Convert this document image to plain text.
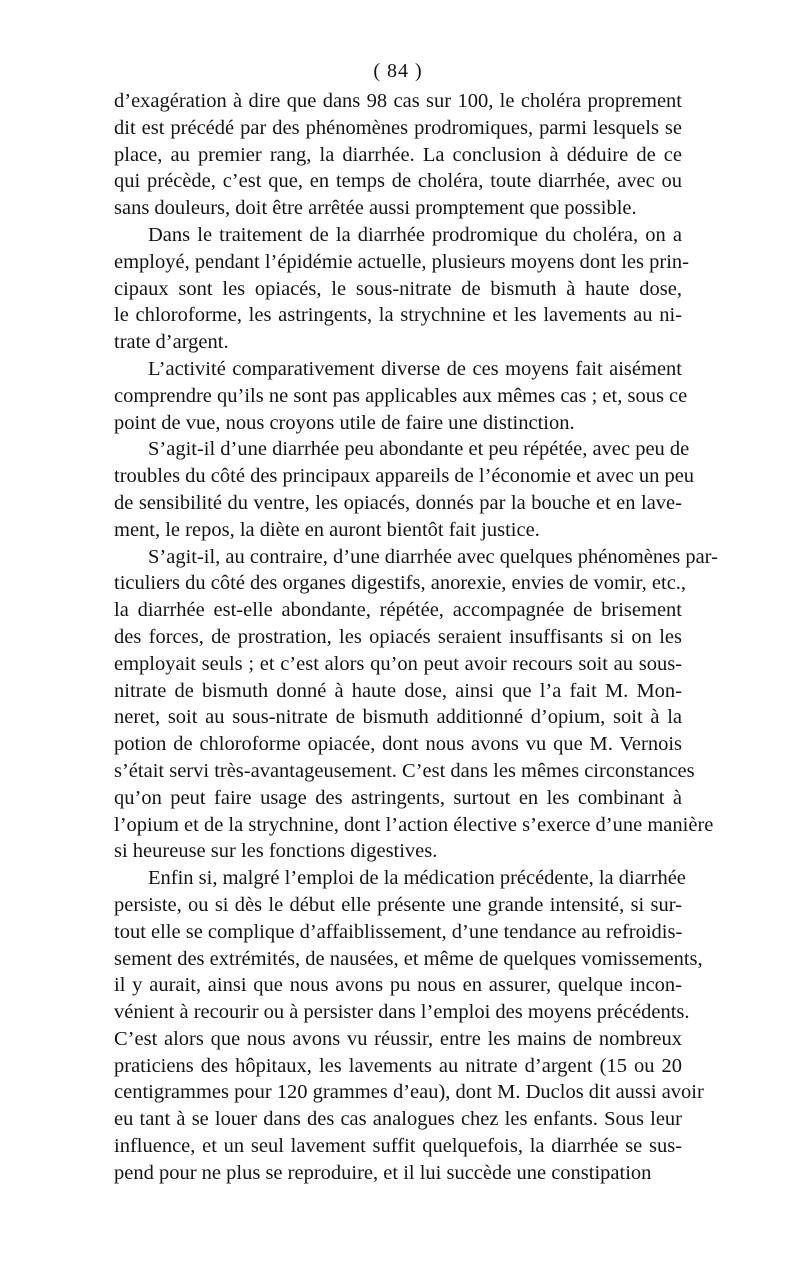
( 84 )
d’exagération à dire que dans 98 cas sur 100, le choléra proprement
dit est précédé par des phénomènes prodromiques, parmi lesquels se
place, au premier rang, la diarrhée. La conclusion à déduire de ce
qui précède, c’est que, en temps de choléra, toute diarrhée, avec ou
sans douleurs, doit être arrêtée aussi promptement que possible.
Dans le traitement de la diarrhée prodromique du choléra, on a
employé, pendant l’épidémie actuelle, plusieurs moyens dont les prin-
cipaux sont les opiacés, le sous-nitrate de bismuth à haute dose,
le chloroforme, les astringents, la strychnine et les lavements au ni-
trate d’argent.
L’activité comparativement diverse de ces moyens fait aisément
comprendre qu’ils ne sont pas applicables aux mêmes cas ; et, sous ce
point de vue, nous croyons utile de faire une distinction.
S’agit-il d’une diarrhée peu abondante et peu répétée, avec peu de
troubles du côté des principaux appareils de l’économie et avec un peu
de sensibilité du ventre, les opiacés, donnés par la bouche et en lave-
ment, le repos, la diète en auront bientôt fait justice.
S’agit-il, au contraire, d’une diarrhée avec quelques phénomènes par-
ticuliers du côté des organes digestifs, anorexie, envies de vomir, etc.,
la diarrhée est-elle abondante, répétée, accompagnée de brisement
des forces, de prostration, les opiacés seraient insuffisants si on les
employait seuls ; et c’est alors qu’on peut avoir recours soit au sous-
nitrate de bismuth donné à haute dose, ainsi que l’a fait M. Mon-
neret, soit au sous-nitrate de bismuth additionné d’opium, soit à la
potion de chloroforme opiacée, dont nous avons vu que M. Vernois
s’était servi très-avantageusement. C’est dans les mêmes circonstances
qu’on peut faire usage des astringents, surtout en les combinant à
l’opium et de la strychnine, dont l’action élective s’exerce d’une manière
si heureuse sur les fonctions digestives.
Enfin si, malgré l’emploi de la médication précédente, la diarrhée
persiste, ou si dès le début elle présente une grande intensité, si sur-
tout elle se complique d’affaiblissement, d’une tendance au refroidis-
sement des extrémités, de nausées, et même de quelques vomissements,
il y aurait, ainsi que nous avons pu nous en assurer, quelque incon-
vénient à recourir ou à persister dans l’emploi des moyens précédents.
C’est alors que nous avons vu réussir, entre les mains de nombreux
praticiens des hôpitaux, les lavements au nitrate d’argent (15 ou 20
centigrammes pour 120 grammes d’eau), dont M. Duclos dit aussi avoir
eu tant à se louer dans des cas analogues chez les enfants. Sous leur
influence, et un seul lavement suffit quelquefois, la diarrhée se sus-
pend pour ne plus se reproduire, et il lui succède une constipation
